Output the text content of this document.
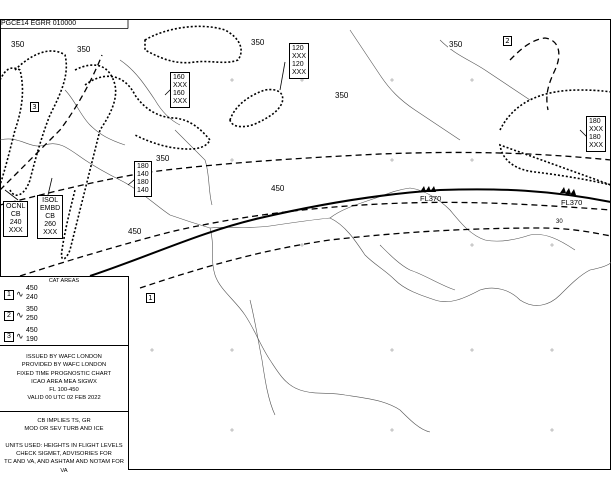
PGCE14 EGRR 010000
350
350
350	350
350
350
450
450
1
2
3
FL370	FL370
120
XXX
120
XXX
160
XXX
160
XXX
180
140
180
140
180
XXX
180
XXX
OCNL
CB
240
XXX
ISOL
EMBD
CB
260
XXX
30
CAT AREAS
1 ∿
450
240
2 ∿
350
250
3 ∿
450
190
ISSUED BY WAFC LONDON
PROVIDED BY WAFC LONDON
FIXED TIME PROGNOSTIC CHART
ICAO AREA MEA SIGWX
FL 100-450
VALID 00 UTC 02 FEB 2022
CB IMPLIES TS, GR
MOD OR SEV TURB AND ICE

UNITS USED: HEIGHTS IN FLIGHT LEVELS
CHECK SIGMET, ADVISORIES FOR
TC AND VA, AND ASHTAM AND NOTAM FOR VA
